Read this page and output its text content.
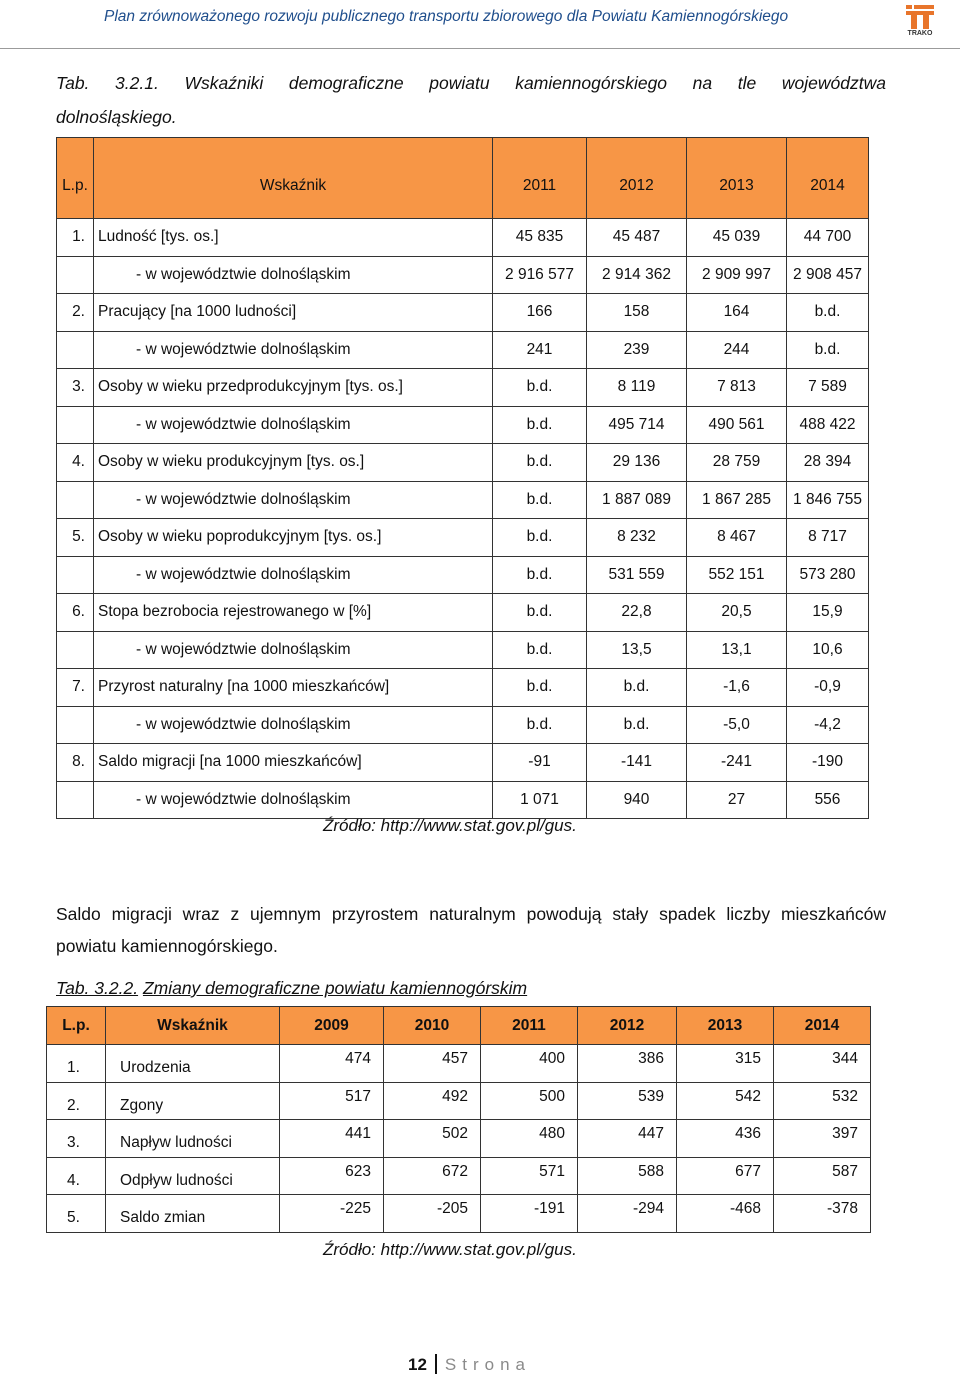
Plan zrównoważonego rozwoju publicznego transportu zbiorowego dla Powiatu Kamiennogórskiego
TRAKO
Tab. 3.2.1. Wskaźniki demograficzne powiatu kamiennogórskiego na tle województwa
dolnośląskiego.
L.p.	Wskaźnik	2011	2012	2013	2014
1.	Ludność [tys. os.]	45 835	45 487	45 039	44 700
	- w województwie dolnośląskim	2 916 577	2 914 362	2 909 997	2 908 457
2.	Pracujący [na 1000 ludności]	166	158	164	b.d.
	- w województwie dolnośląskim	241	239	244	b.d.
3.	Osoby w wieku przedprodukcyjnym [tys. os.]	b.d.	8 119	7 813	7 589
	- w województwie dolnośląskim	b.d.	495 714	490 561	488 422
4.	Osoby w wieku produkcyjnym [tys. os.]	b.d.	29 136	28 759	28 394
	- w województwie dolnośląskim	b.d.	1 887 089	1 867 285	1 846 755
5.	Osoby w wieku poprodukcyjnym [tys. os.]	b.d.	8 232	8 467	8 717
	- w województwie dolnośląskim	b.d.	531 559	552 151	573 280
6.	Stopa bezrobocia rejestrowanego w [%]	b.d.	22,8	20,5	15,9
	- w województwie dolnośląskim	b.d.	13,5	13,1	10,6
7.	Przyrost naturalny [na 1000 mieszkańców]	b.d.	b.d.	-1,6	-0,9
	- w województwie dolnośląskim	b.d.	b.d.	-5,0	-4,2
8.	Saldo migracji [na 1000 mieszkańców]	-91	-141	-241	-190
	- w województwie dolnośląskim	1 071	940	27	556
Źródło: http://www.stat.gov.pl/gus.
Saldo migracji wraz z ujemnym przyrostem naturalnym powodują stały spadek liczby mieszkańców
powiatu kamiennogórskiego.
Tab. 3.2.2. Zmiany demograficzne powiatu kamiennogórskim
L.p.	Wskaźnik	2009	2010	2011	2012	2013	2014
1.	Urodzenia	474	457	400	386	315	344
2.	Zgony	517	492	500	539	542	532
3.	Napływ ludności	441	502	480	447	436	397
4.	Odpływ ludności	623	672	571	588	677	587
5.	Saldo zmian	-225	-205	-191	-294	-468	-378
Źródło: http://www.stat.gov.pl/gus.
12 Strona
